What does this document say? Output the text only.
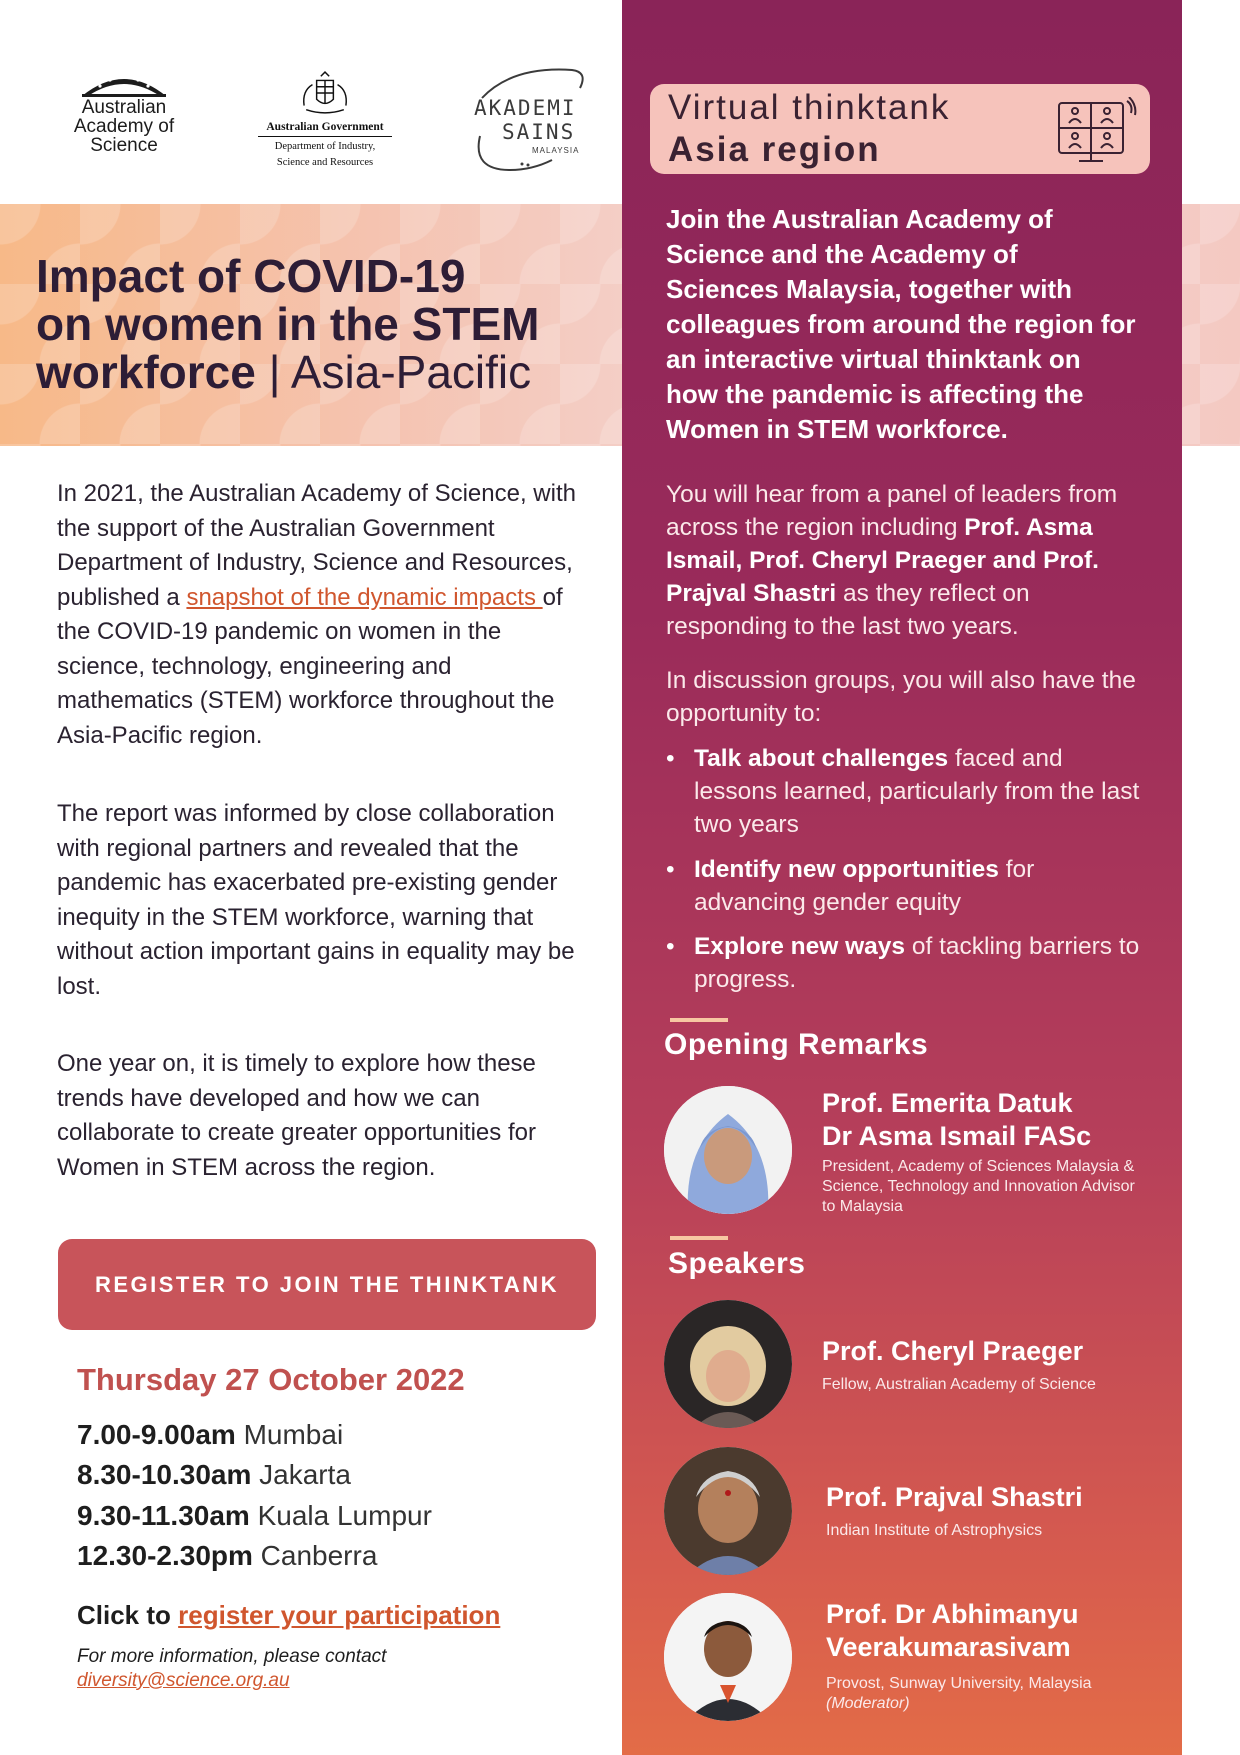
Australian
Academy of
Science
Australian Government
Department of Industry,
Science and Resources
AKADEMI
SAINS
MALAYSIA
Impact of COVID-19
on women in the STEM
workforce | Asia-Pacific

In 2021, the Australian Academy of Science, with the support of the Australian Government Department of Industry, Science and Resources, published a snapshot of the dynamic impacts of the COVID-19 pandemic on women in the science, technology, engineering and mathematics (STEM) workforce throughout the Asia-Pacific region.

The report was informed by close collaboration with regional partners and revealed that the pandemic has exacerbated pre-existing gender inequity in the STEM workforce, warning that without action important gains in equality may be lost.

One year on, it is timely to explore how these trends have developed and how we can collaborate to create greater opportunities for Women in STEM across the region.

REGISTER TO JOIN THE THINKTANK
Thursday 27 October 2022
7.00-9.00am Mumbai
8.30-10.30am Jakarta
9.30-11.30am Kuala Lumpur
12.30-2.30pm Canberra
Click to register your participation
For more information, please contact
diversity@science.org.au
Virtual thinktank
Asia region

Join the Australian Academy of Science and the Academy of Sciences Malaysia, together with colleagues from around the region for an interactive virtual thinktank on how the pandemic is affecting the Women in STEM workforce.

You will hear from a panel of leaders from across the region including Prof. Asma Ismail, Prof. Cheryl Praeger and Prof. Prajval Shastri as they reflect on responding to the last two years.

In discussion groups, you will also have the opportunity to:

• Talk about challenges faced and lessons learned, particularly from the last two years
• Identify new opportunities for advancing gender equity
• Explore new ways of tackling barriers to progress.
Opening Remarks
Prof. Emerita Datuk
Dr Asma Ismail FASc
President, Academy of Sciences Malaysia & Science, Technology and Innovation Advisor to Malaysia
Speakers
Prof. Cheryl Praeger
Fellow, Australian Academy of Science
Prof. Prajval Shastri
Indian Institute of Astrophysics
Prof. Dr Abhimanyu
Veerakumarasivam
Provost, Sunway University, Malaysia
(Moderator)
